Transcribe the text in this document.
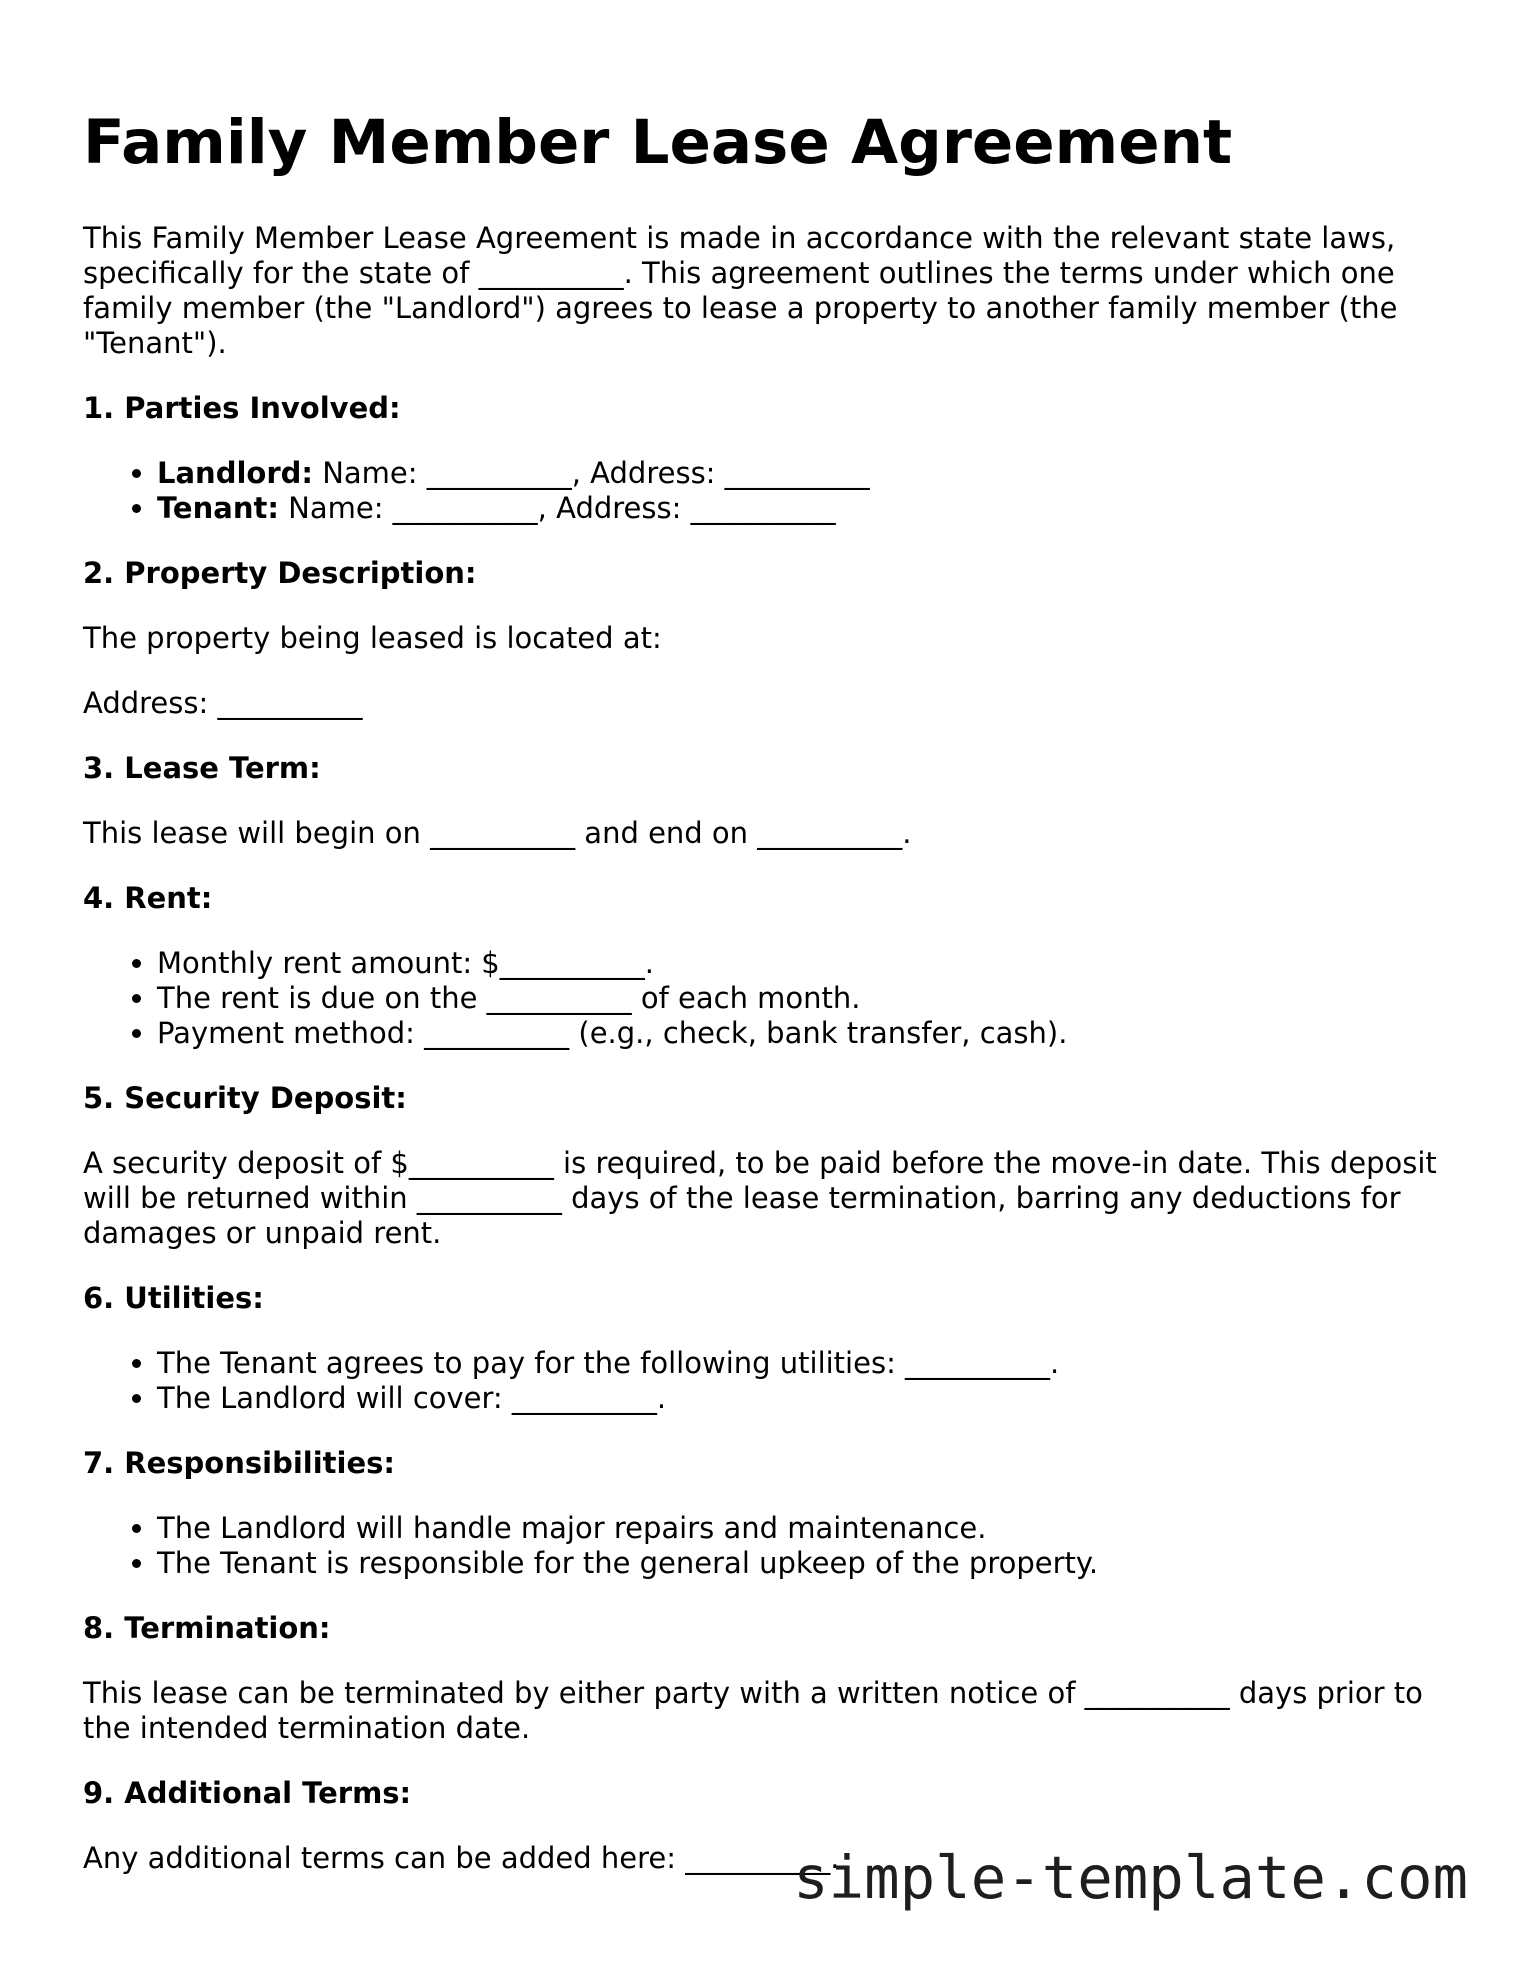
Family Member Lease Agreement

This Family Member Lease Agreement is made in accordance with the relevant state laws, specifically for the state of __________. This agreement outlines the terms under which one family member (the "Landlord") agrees to lease a property to another family member (the "Tenant").

1. Parties Involved:
• Landlord: Name: __________, Address: __________
• Tenant: Name: __________, Address: __________
2. Property Description:

The property being leased is located at:

Address: __________

3. Lease Term:

This lease will begin on __________ and end on __________.

4. Rent:
• Monthly rent amount: $__________.
• The rent is due on the __________ of each month.
• Payment method: __________ (e.g., check, bank transfer, cash).
5. Security Deposit:

A security deposit of $__________ is required, to be paid before the move-in date. This deposit will be returned within __________ days of the lease termination, barring any deductions for damages or unpaid rent.

6. Utilities:
• The Tenant agrees to pay for the following utilities: __________.
• The Landlord will cover: __________.
7. Responsibilities:
• The Landlord will handle major repairs and maintenance.
• The Tenant is responsible for the general upkeep of the property.
8. Termination:

This lease can be terminated by either party with a written notice of __________ days prior to the intended termination date.

9. Additional Terms:

Any additional terms can be added here: __________.

simple-template.com
